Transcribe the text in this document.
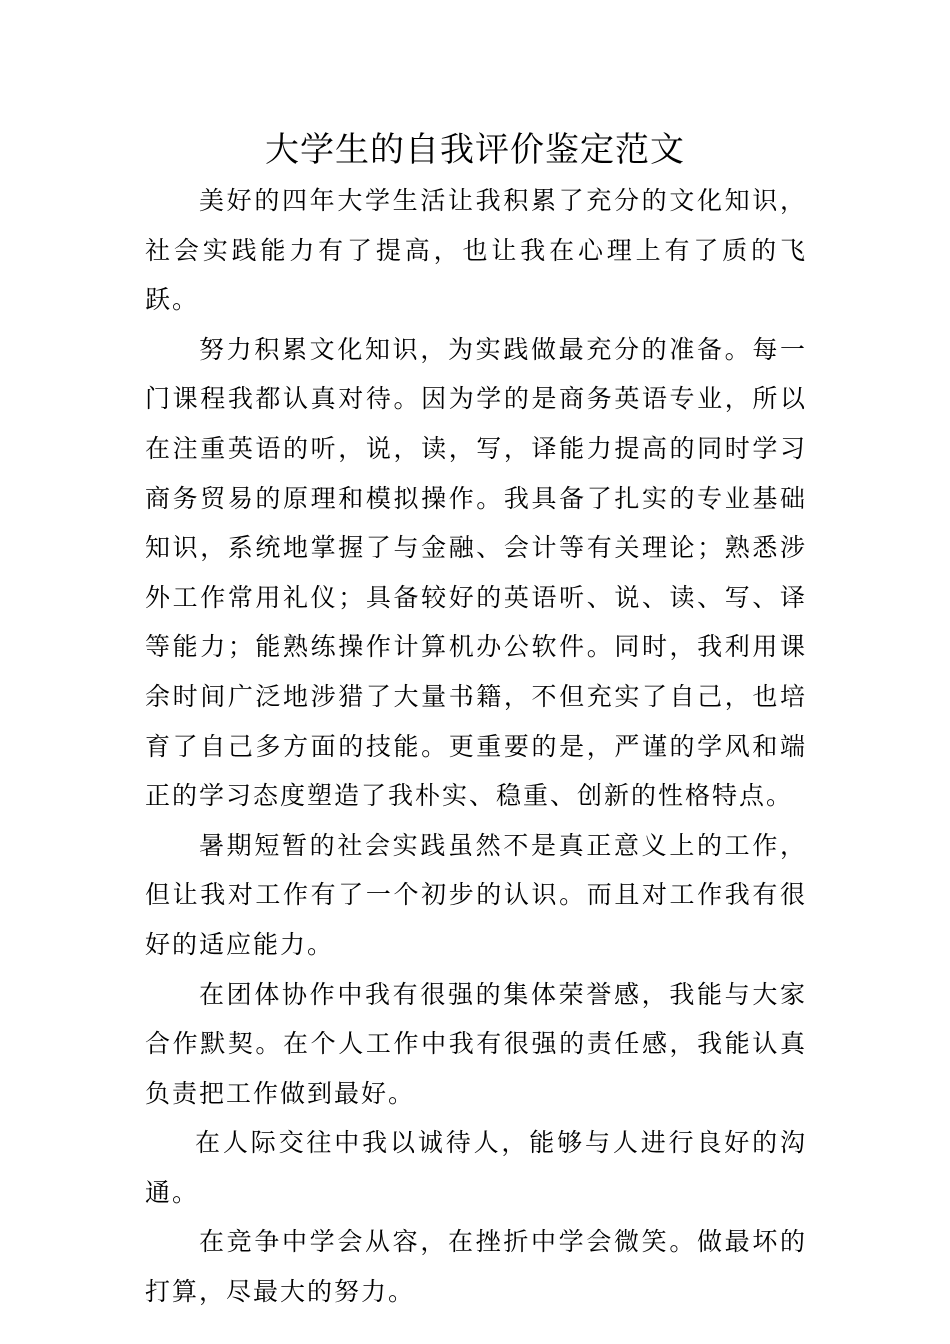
大学生的自我评价鉴定范文

美好的四年大学生活让我积累了充分的文化知识，社会实践能力有了提高，也让我在心理上有了质的飞跃。

努力积累文化知识，为实践做最充分的准备。每一门课程我都认真对待。因为学的是商务英语专业，所以在注重英语的听，说，读，写，译能力提高的同时学习商务贸易的原理和模拟操作。我具备了扎实的专业基础知识，系统地掌握了与金融、会计等有关理论；熟悉涉外工作常用礼仪；具备较好的英语听、说、读、写、译等能力；能熟练操作计算机办公软件。同时，我利用课余时间广泛地涉猎了大量书籍，不但充实了自己，也培育了自己多方面的技能。更重要的是，严谨的学风和端正的学习态度塑造了我朴实、稳重、创新的性格特点。

暑期短暂的社会实践虽然不是真正意义上的工作，但让我对工作有了一个初步的认识。而且对工作我有很好的适应能力。

在团体协作中我有很强的集体荣誉感，我能与大家合作默契。在个人工作中我有很强的责任感，我能认真负责把工作做到最好。

在人际交往中我以诚待人，能够与人进行良好的沟通。

在竞争中学会从容，在挫折中学会微笑。做最坏的打算，尽最大的努力。
